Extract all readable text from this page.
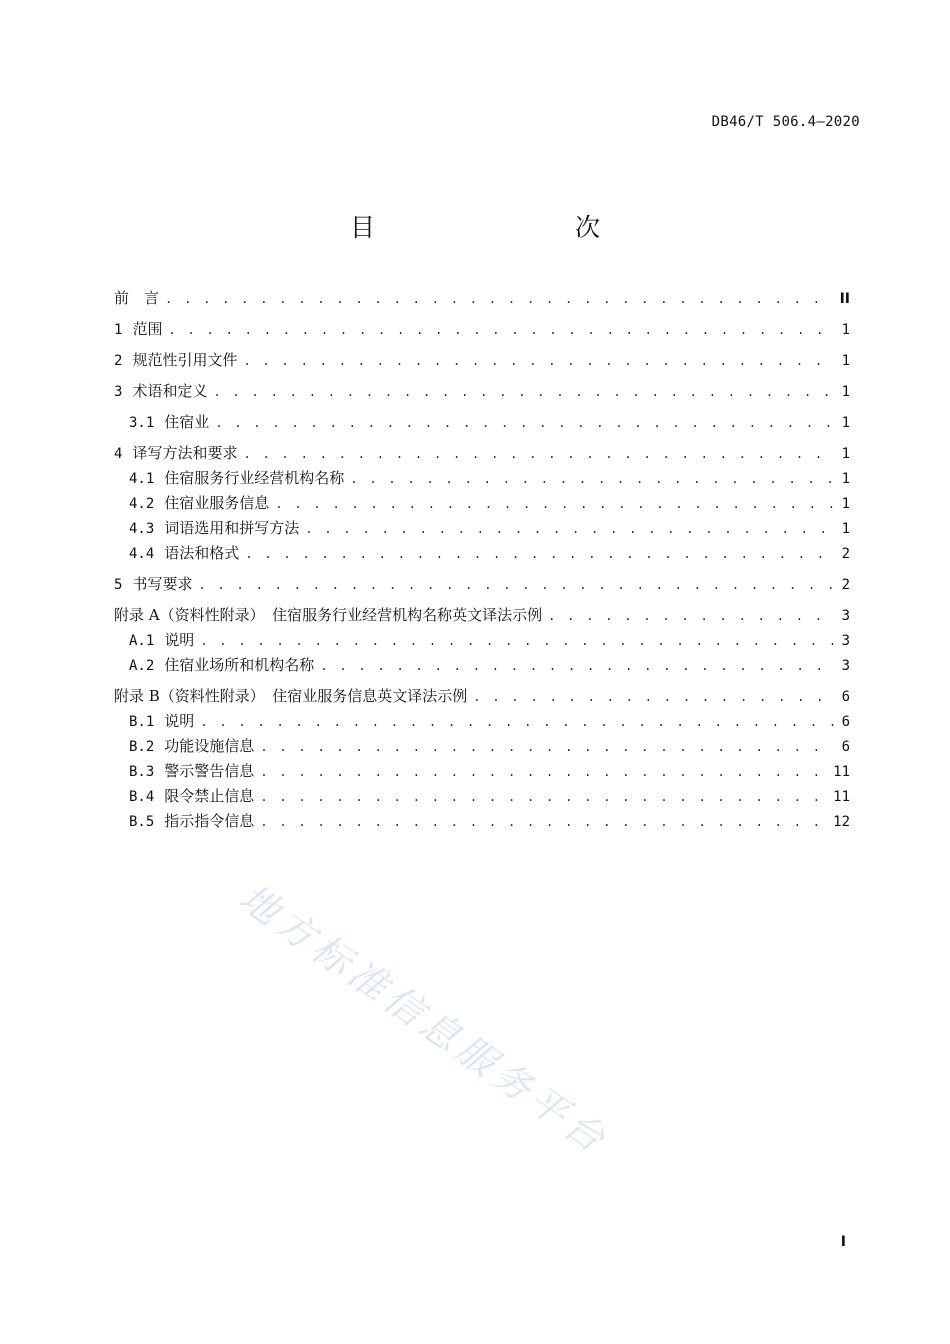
DB46/T 506.4—2020
目　　次
前　言 . . .	II
1 范围 . . .	1
2 规范性引用文件 . . .	1
3 术语和定义 . . .	1
3.1 住宿业 . . .	1
4 译写方法和要求 . . .	1
4.1 住宿服务行业经营机构名称 . . .	1
4.2 住宿业服务信息 . . .	1
4.3 词语选用和拼写方法 . . .	1
4.4 语法和格式 . . .	2
5 书写要求 . . .	2
附录 A（资料性附录）　住宿服务行业经营机构名称英文译法示例 . . .	3
A.1 说明 . . .	3
A.2 住宿业场所和机构名称 . . .	3
附录 B（资料性附录）　住宿业服务信息英文译法示例 . . .	6
B.1 说明 . . .	6
B.2 功能设施信息 . . .	6
B.3 警示警告信息 . . .	11
B.4 限令禁止信息 . . .	11
B.5 指示指令信息 . . .	12
地方标准信息服务平台
I
